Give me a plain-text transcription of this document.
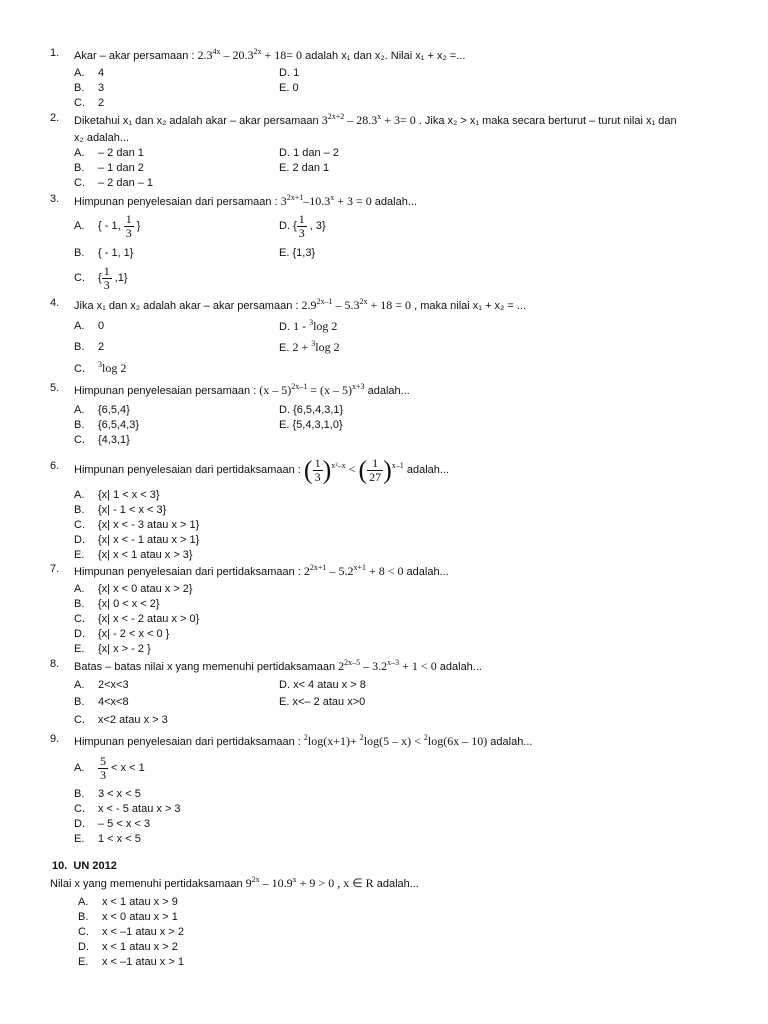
1.	Akar – akar persamaan : $2.3^{4x} - 20.3^{2x} + 18= 0$ adalah x₁ dan x₂. Nilai x₁ + x₂ =...
A. 4
B. 3
C. 2
D. 1
E. 0
2.	Diketahui x₁ dan x₂ adalah akar – akar persamaan $3^{2x+2} - 28.3^x + 3= 0$ . Jika x₂ > x₁ maka secara berturut – turut nilai x₁ dan
x₂ adalah...
A. – 2 dan 1
B. – 1 dan 2
C. – 2 dan – 1
D. 1 dan – 2
E. 2 dan 1
3.	Himpunan penyelesaian dari persamaan : $3^{2x+1}-10.3^x + 3 = 0$ adalah...
A. { - 1, $\frac{1}{3}$ }
B. { - 1, 1}
C. { $\frac{1}{3} ,1$}
D. { $\frac{1}{3}$ , 3}
E. {1,3}
4.	Jika x₁ dan x₂ adalah akar – akar persamaan : $2.9^{2x-1} - 5.3^{2x} + 18 = 0$ , maka nilai x₁ + x₂ = ...
A. 0
B. 2
C. $^3$log 2
D. 1 - $^3$log 2
E. 2 + $^3$log 2
5.	Himpunan penyelesaian persamaan : (x – 5)$^{2x-1}$ = (x – 5)$^{x+3}$ adalah...
A. {6,5,4}
B. {6,5,4,3}
C. {4,3,1}
D. {6,5,4,3,1}
E. {5,4,3,1,0}
6.	Himpunan penyelesaian dari pertidaksamaan : ( $\frac{1}{3} )^{x^2-x}$ < ( $\frac{1}{27} )^{x-1}$ adalah...
A. {x| 1 < x < 3}
B. {x| - 1 < x < 3}
C. {x| x < - 3 atau x > 1}
D. {x| x < - 1 atau x > 1}
E. {x| x < 1 atau x > 3}
7.	Himpunan penyelesaian dari pertidaksamaan : $2^{2x+1} - 5.2^{x+1} + 8 < 0$ adalah...
A. {x| x < 0 atau x > 2}
B. {x| 0 < x < 2}
C. {x| x < - 2 atau x > 0}
D. {x| - 2 < x < 0 }
E. {x| x > - 2 }
8.	Batas – batas nilai x yang memenuhi pertidaksamaan $2^{2x-5} - 3.2^{x-3} + 1 < 0$ adalah...
A. 2<x<3
B. 4<x<8
C. x<2 atau x > 3
D. x< 4 atau x > 8
E. x<– 2 atau x>0
9.	Himpunan penyelesaian dari pertidaksamaan : $^2$log(x+1)+ $^2$log(5 – x) < $^2$log(6x – 10) adalah...
A. $\frac{5}{3} < x < 1$
B. 3 < x < 5
C. x < - 5 atau x > 3
D. – 5 < x < 3
E. 1 < x < 5
10. UN 2012
Nilai x yang memenuhi pertidaksamaan $9^{2x} - 10.9^x + 9 > 0$ , x ∈ R adalah...
A. x < 1 atau x > 9
B. x < 0 atau x > 1
C. x < –1 atau x > 2
D. x < 1 atau x > 2
E. x < –1 atau x > 1
